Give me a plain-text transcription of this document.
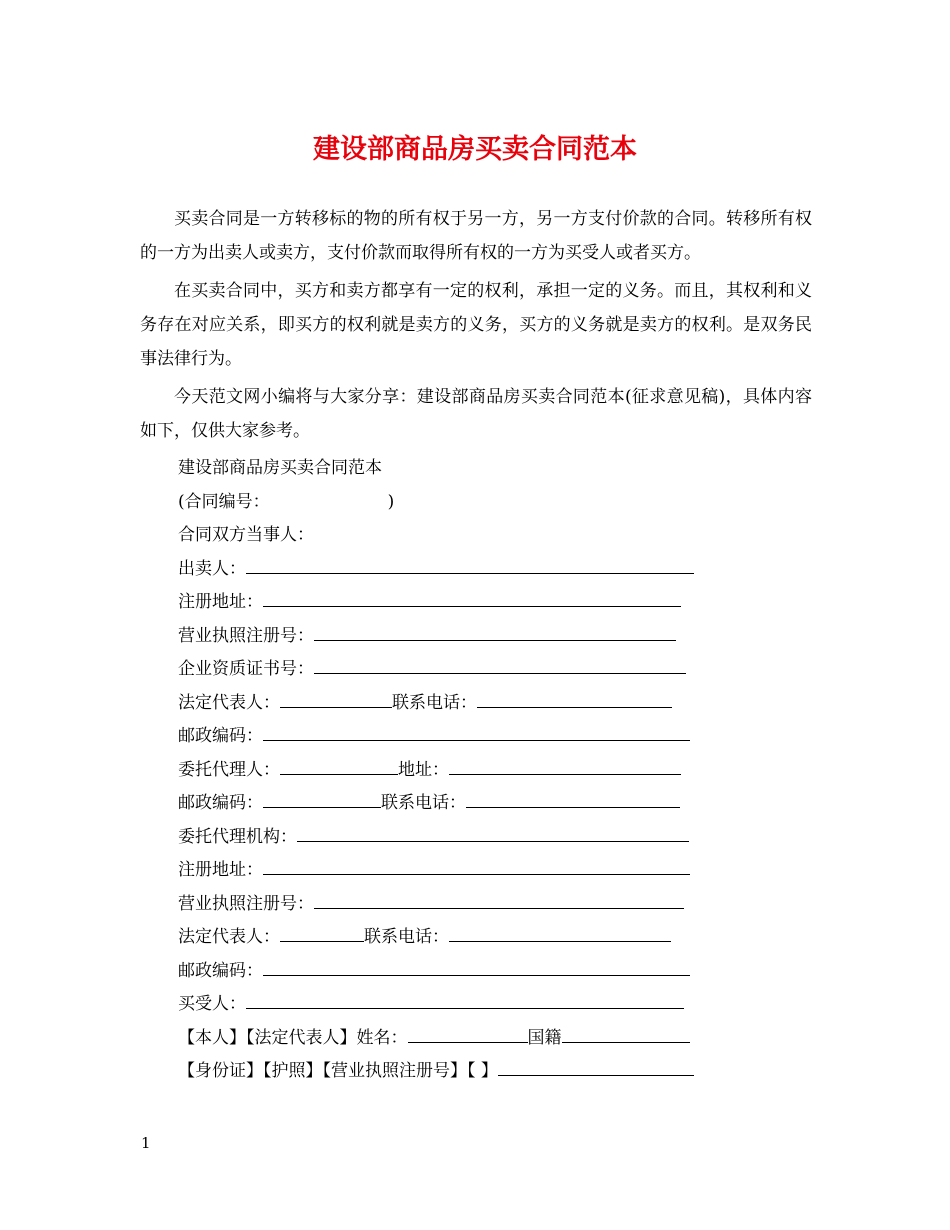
建设部商品房买卖合同范本

买卖合同是一方转移标的物的所有权于另一方，另一方支付价款的合同。转移所有权的一方为出卖人或卖方，支付价款而取得所有权的一方为买受人或者买方。

在买卖合同中，买方和卖方都享有一定的权利，承担一定的义务。而且，其权利和义务存在对应关系，即买方的权利就是卖方的义务，买方的义务就是卖方的权利。是双务民事法律行为。

今天范文网小编将与大家分享：建设部商品房买卖合同范本(征求意见稿)，具体内容如下，仅供大家参考。

建设部商品房买卖合同范本

(合同编号：	)

合同双方当事人：

出卖人：

注册地址：

营业执照注册号：

企业资质证书号：

法定代表人：	联系电话：

邮政编码：

委托代理人：	地址：

邮政编码：	联系电话：

委托代理机构：

注册地址：

营业执照注册号：

法定代表人：	联系电话：

邮政编码：

买受人：

【本人】【法定代表人】姓名：	国籍

【身份证】【护照】【营业执照注册号】【 】

1
